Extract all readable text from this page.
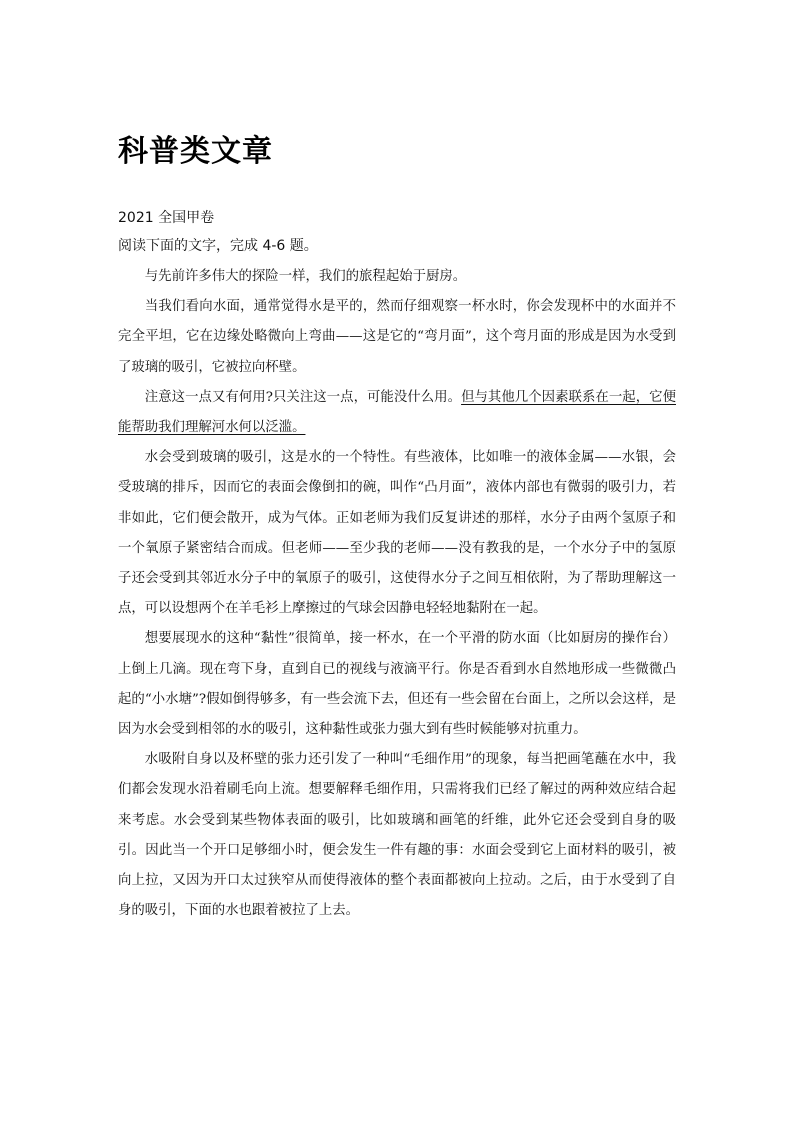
科普类文章
2021 全国甲卷
阅读下面的文字，完成 4-6 题。

与先前许多伟大的探险一样，我们的旅程起始于厨房。

当我们看向水面，通常觉得水是平的，然而仔细观察一杯水时，你会发现杯中的水面并不完全平坦，它在边缘处略微向上弯曲——这是它的“弯月面”，这个弯月面的形成是因为水受到了玻璃的吸引，它被拉向杯壁。

注意这一点又有何用?只关注这一点，可能没什么用。但与其他几个因素联系在一起，它便能帮助我们理解河水何以泛滥。

水会受到玻璃的吸引，这是水的一个特性。有些液体，比如唯一的液体金属——水银，会受玻璃的排斥，因而它的表面会像倒扣的碗，叫作“凸月面”，液体内部也有微弱的吸引力，若非如此，它们便会散开，成为气体。正如老师为我们反复讲述的那样，水分子由两个氢原子和一个氧原子紧密结合而成。但老师——至少我的老师——没有教我的是，一个水分子中的氢原子还会受到其邻近水分子中的氧原子的吸引，这使得水分子之间互相依附，为了帮助理解这一点，可以设想两个在羊毛衫上摩擦过的气球会因静电轻轻地黏附在一起。

想要展现水的这种“黏性”很简单，接一杯水，在一个平滑的防水面（比如厨房的操作台）上倒上几滴。现在弯下身，直到自已的视线与液滴平行。你是否看到水自然地形成一些微微凸起的“小水塘”?假如倒得够多，有一些会流下去，但还有一些会留在台面上，之所以会这样，是因为水会受到相邻的水的吸引，这种黏性或张力强大到有些时候能够对抗重力。

水吸附自身以及杯壁的张力还引发了一种叫“毛细作用”的现象，每当把画笔蘸在水中，我们都会发现水沿着刷毛向上流。想要解释毛细作用，只需将我们已经了解过的两种效应结合起来考虑。水会受到某些物体表面的吸引，比如玻璃和画笔的纤维，此外它还会受到自身的吸引。因此当一个开口足够细小时，便会发生一件有趣的事：水面会受到它上面材料的吸引，被向上拉，又因为开口太过狭窄从而使得液体的整个表面都被向上拉动。之后，由于水受到了自身的吸引，下面的水也跟着被拉了上去。
